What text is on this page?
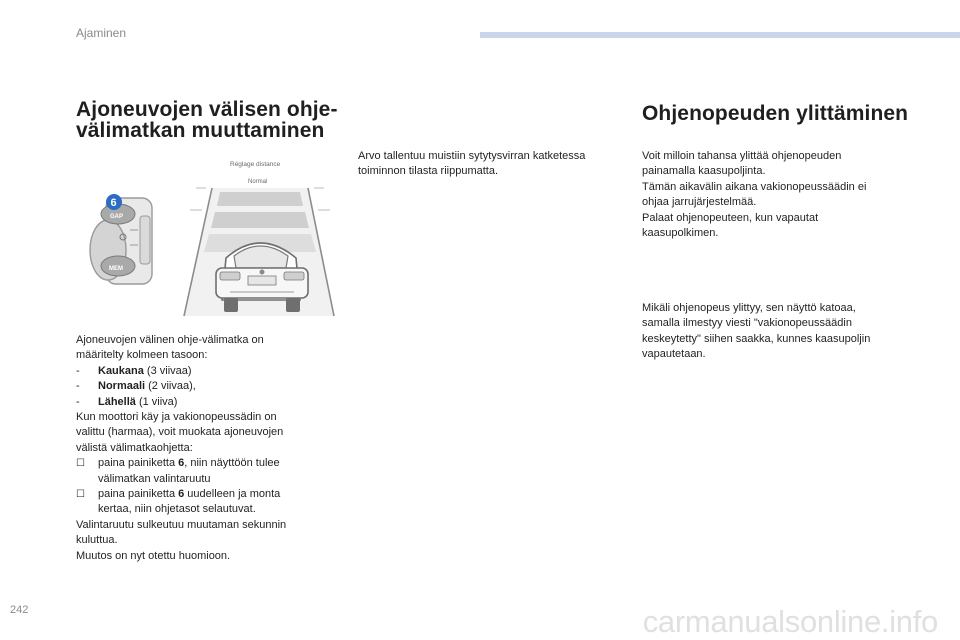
Ajaminen
Ajoneuvojen välisen ohje-
välimatkan muuttaminen
GAP
MEM
6
Réglage distance
Normal

Ajoneuvojen välinen ohje-välimatka on

määritelty kolmeen tasoon:

- Kaukana (3 viivaa)
- Normaali (2 viivaa),
- Lähellä (1 viiva)

Kun moottori käy ja vakionopeussädin on

valittu (harmaa), voit muokata ajoneuvojen

välistä välimatkaohjetta:

☐ paina painiketta 6, niin näyttöön tulee
välimatkan valintaruutu
☐ paina painiketta 6 uudelleen ja monta
kertaa, niin ohjetasot selautuvat.

Valintaruutu sulkeutuu muutaman sekunnin

kuluttua.

Muutos on nyt otettu huomioon.

Arvo tallentuu muistiin sytytysvirran katketessa

toiminnon tilasta riippumatta.

Ohjenopeuden ylittäminen

Voit milloin tahansa ylittää ohjenopeuden

painamalla kaasupoljinta.

Tämän aikavälin aikana vakionopeussäädin ei

ohjaa jarrujärjestelmää.

Palaat ohjenopeuteen, kun vapautat

kaasupolkimen.

Mikäli ohjenopeus ylittyy, sen näyttö katoaa,

samalla ilmestyy viesti "vakionopeussäädin

keskeytetty" siihen saakka, kunnes kaasupoljin

vapautetaan.

242	carmanualsonline.info
